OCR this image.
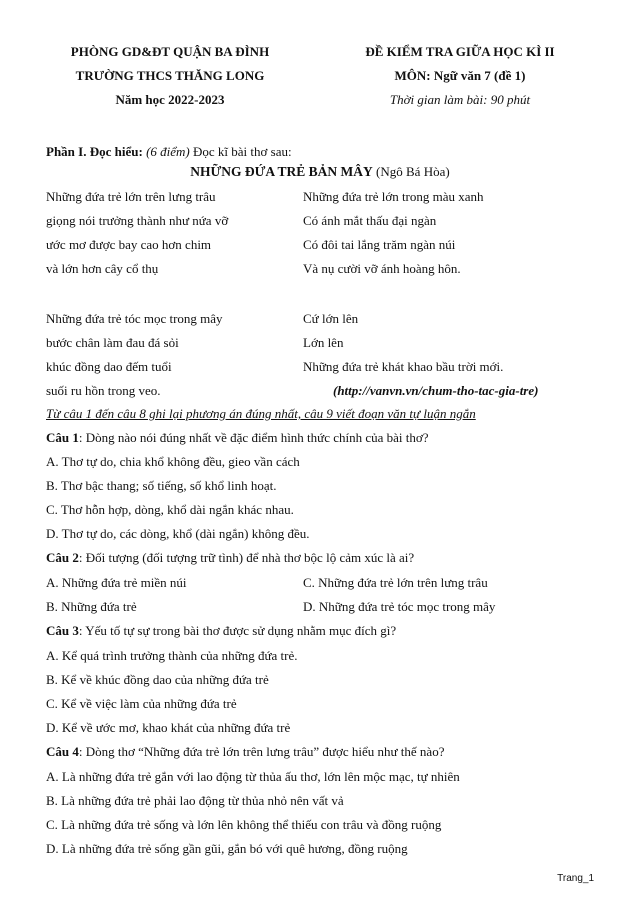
PHÒNG GD&ĐT QUẬN BA ĐÌNH
TRƯỜNG THCS THĂNG LONG
Năm học 2022-2023
ĐỀ KIỂM TRA GIỮA HỌC KÌ II
MÔN: Ngữ văn 7 (đề 1)
Thời gian làm bài: 90 phút
Phần I. Đọc hiểu: (6 điểm) Đọc kĩ bài thơ sau:
NHỮNG ĐỨA TRẺ BẢN MÂY (Ngô Bá Hòa)
Những đứa trẻ lớn trên lưng trâu
giọng nói trưởng thành như nứa vỡ
ước mơ được bay cao hơn chim
và lớn hơn cây cổ thụ
Những đứa trẻ tóc mọc trong mây
bước chân làm đau đá sỏi
khúc đồng dao đếm tuổi
suối ru hồn trong veo.
Những đứa trẻ lớn trong màu xanh
Có ánh mắt thấu đại ngàn
Có đôi tai lắng trăm ngàn núi
Và nụ cười vỡ ánh hoàng hôn.
Cứ lớn lên
Lớn lên
Những đứa trẻ khát khao bầu trời mới.
(http://vanvn.vn/chum-tho-tac-gia-tre)
Từ câu 1 đến câu 8 ghi lại phương án đúng nhất, câu 9 viết đoạn văn tự luận ngắn
Câu 1: Dòng nào nói đúng nhất về đặc điểm hình thức chính của bài thơ?
A. Thơ tự do, chia khổ không đều, gieo vần cách
B. Thơ bậc thang; số tiếng, số khổ linh hoạt.
C. Thơ hỗn hợp, dòng, khổ dài ngắn khác nhau.
D. Thơ tự do, các dòng, khổ (dài ngắn) không đều.
Câu 2: Đối tượng (đối tượng trữ tình) để nhà thơ bộc lộ cảm xúc là ai?
A. Những đứa trẻ miền núi	C. Những đứa trẻ lớn trên lưng trâu
B. Những đứa trẻ	D. Những đứa trẻ tóc mọc trong mây
Câu 3: Yếu tố tự sự trong bài thơ được sử dụng nhằm mục đích gì?
A. Kể quá trình trưởng thành của những đứa trẻ.
B. Kể về khúc đồng dao của những đứa trẻ
C. Kể về việc làm của những đứa trẻ
D. Kể về ước mơ, khao khát của những đứa trẻ
Câu 4: Dòng thơ “Những đứa trẻ lớn trên lưng trâu” được hiểu như thế nào?
A. Là những đứa trẻ gắn với lao động từ thủa ấu thơ, lớn lên mộc mạc, tự nhiên
B. Là những đứa trẻ phải lao động từ thủa nhỏ nên vất vả
C. Là những đứa trẻ sống và lớn lên không thể thiếu con trâu và đồng ruộng
D. Là những đứa trẻ sống gần gũi, gắn bó với quê hương, đồng ruộng
Trang_1
